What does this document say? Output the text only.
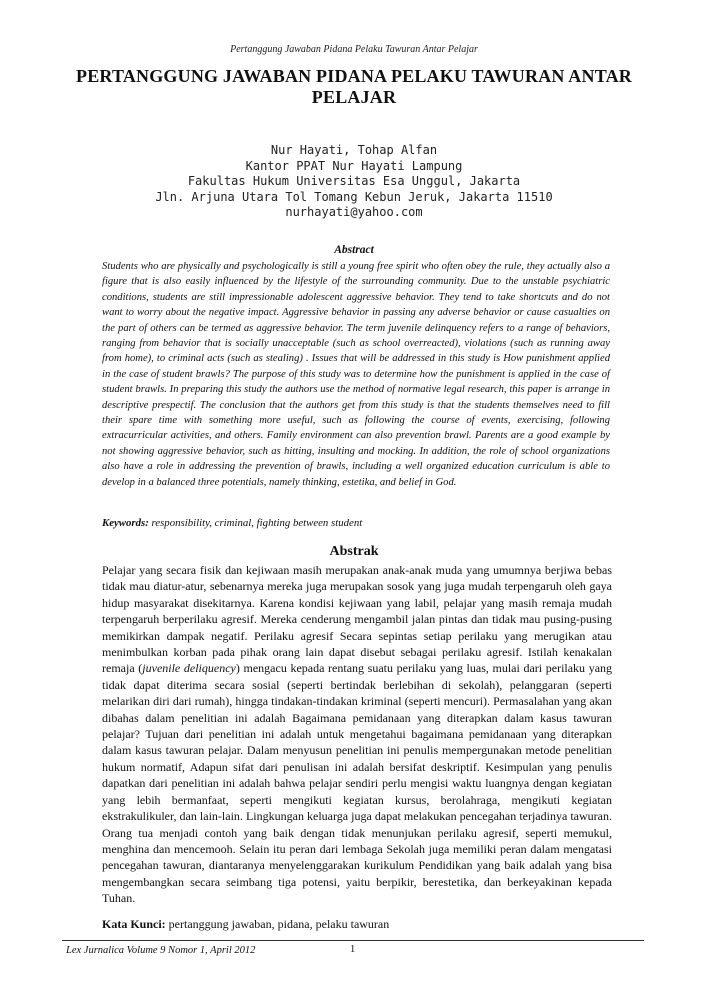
Pertanggung Jawaban Pidana Pelaku Tawuran Antar Pelajar
PERTANGGUNG JAWABAN PIDANA PELAKU TAWURAN ANTAR PELAJAR
Nur Hayati, Tohap Alfan
Kantor PPAT Nur Hayati Lampung
Fakultas Hukum Universitas Esa Unggul, Jakarta
Jln. Arjuna Utara Tol Tomang Kebun Jeruk, Jakarta 11510
nurhayati@yahoo.com
Abstract
Students who are physically and psychologically is still a young free spirit who often obey the rule, they actually also a figure that is also easily influenced by the lifestyle of the surrounding community. Due to the unstable psychiatric conditions, students are still impressionable adolescent aggressive behavior. They tend to take shortcuts and do not want to worry about the negative impact. Aggressive behavior in passing any adverse behavior or cause casualties on the part of others can be termed as aggressive behavior. The term juvenile delinquency refers to a range of behaviors, ranging from behavior that is socially unacceptable (such as school overreacted), violations (such as running away from home), to criminal acts (such as stealing) . Issues that will be addressed in this study is How punishment applied in the case of student brawls? The purpose of this study was to determine how the punishment is applied in the case of student brawls. In preparing this study the authors use the method of normative legal research, this paper is arrange in descriptive prespectif. The conclusion that the authors get from this study is that the students themselves need to fill their spare time with something more useful, such as following the course of events, exercising, following extracurricular activities, and others. Family environment can also prevention brawl. Parents are a good example by not showing aggressive behavior, such as hitting, insulting and mocking. In addition, the role of school organizations also have a role in addressing the prevention of brawls, including a well organized education curriculum is able to develop in a balanced three potentials, namely thinking, estetika, and belief in God.
Keywords: responsibility, criminal, fighting between student
Abstrak
Pelajar yang secara fisik dan kejiwaan masih merupakan anak-anak muda yang umumnya berjiwa bebas tidak mau diatur-atur, sebenarnya mereka juga merupakan sosok yang juga mudah terpengaruh oleh gaya hidup masyarakat disekitarnya. Karena kondisi kejiwaan yang labil, pelajar yang masih remaja mudah terpengaruh berperilaku agresif. Mereka cenderung mengambil jalan pintas dan tidak mau pusing-pusing memikirkan dampak negatif. Perilaku agresif Secara sepintas setiap perilaku yang merugikan atau menimbulkan korban pada pihak orang lain dapat disebut sebagai perilaku agresif. Istilah kenakalan remaja (juvenile deliquency) mengacu kepada rentang suatu perilaku yang luas, mulai dari perilaku yang tidak dapat diterima secara sosial (seperti bertindak berlebihan di sekolah), pelanggaran (seperti melarikan diri dari rumah), hingga tindakan-tindakan kriminal (seperti mencuri). Permasalahan yang akan dibahas dalam penelitian ini adalah Bagaimana pemidanaan yang diterapkan dalam kasus tawuran pelajar? Tujuan dari penelitian ini adalah untuk mengetahui bagaimana pemidanaan yang diterapkan dalam kasus tawuran pelajar. Dalam menyusun penelitian ini penulis mempergunakan metode penelitian hukum normatif, Adapun sifat dari penulisan ini adalah bersifat deskriptif. Kesimpulan yang penulis dapatkan dari penelitian ini adalah bahwa pelajar sendiri perlu mengisi waktu luangnya dengan kegiatan yang lebih bermanfaat, seperti mengikuti kegiatan kursus, berolahraga, mengikuti kegiatan ekstrakulikuler, dan lain-lain. Lingkungan keluarga juga dapat melakukan pencegahan terjadinya tawuran. Orang tua menjadi contoh yang baik dengan tidak menunjukan perilaku agresif, seperti memukul, menghina dan mencemooh. Selain itu peran dari lembaga Sekolah juga memiliki peran dalam mengatasi pencegahan tawuran, diantaranya menyelenggarakan kurikulum Pendidikan yang baik adalah yang bisa mengembangkan secara seimbang tiga potensi, yaitu berpikir, berestetika, dan berkeyakinan kepada Tuhan.
Kata Kunci: pertanggung jawaban, pidana, pelaku tawuran
Lex Jurnalica Volume 9 Nomor 1, April 2012	1
